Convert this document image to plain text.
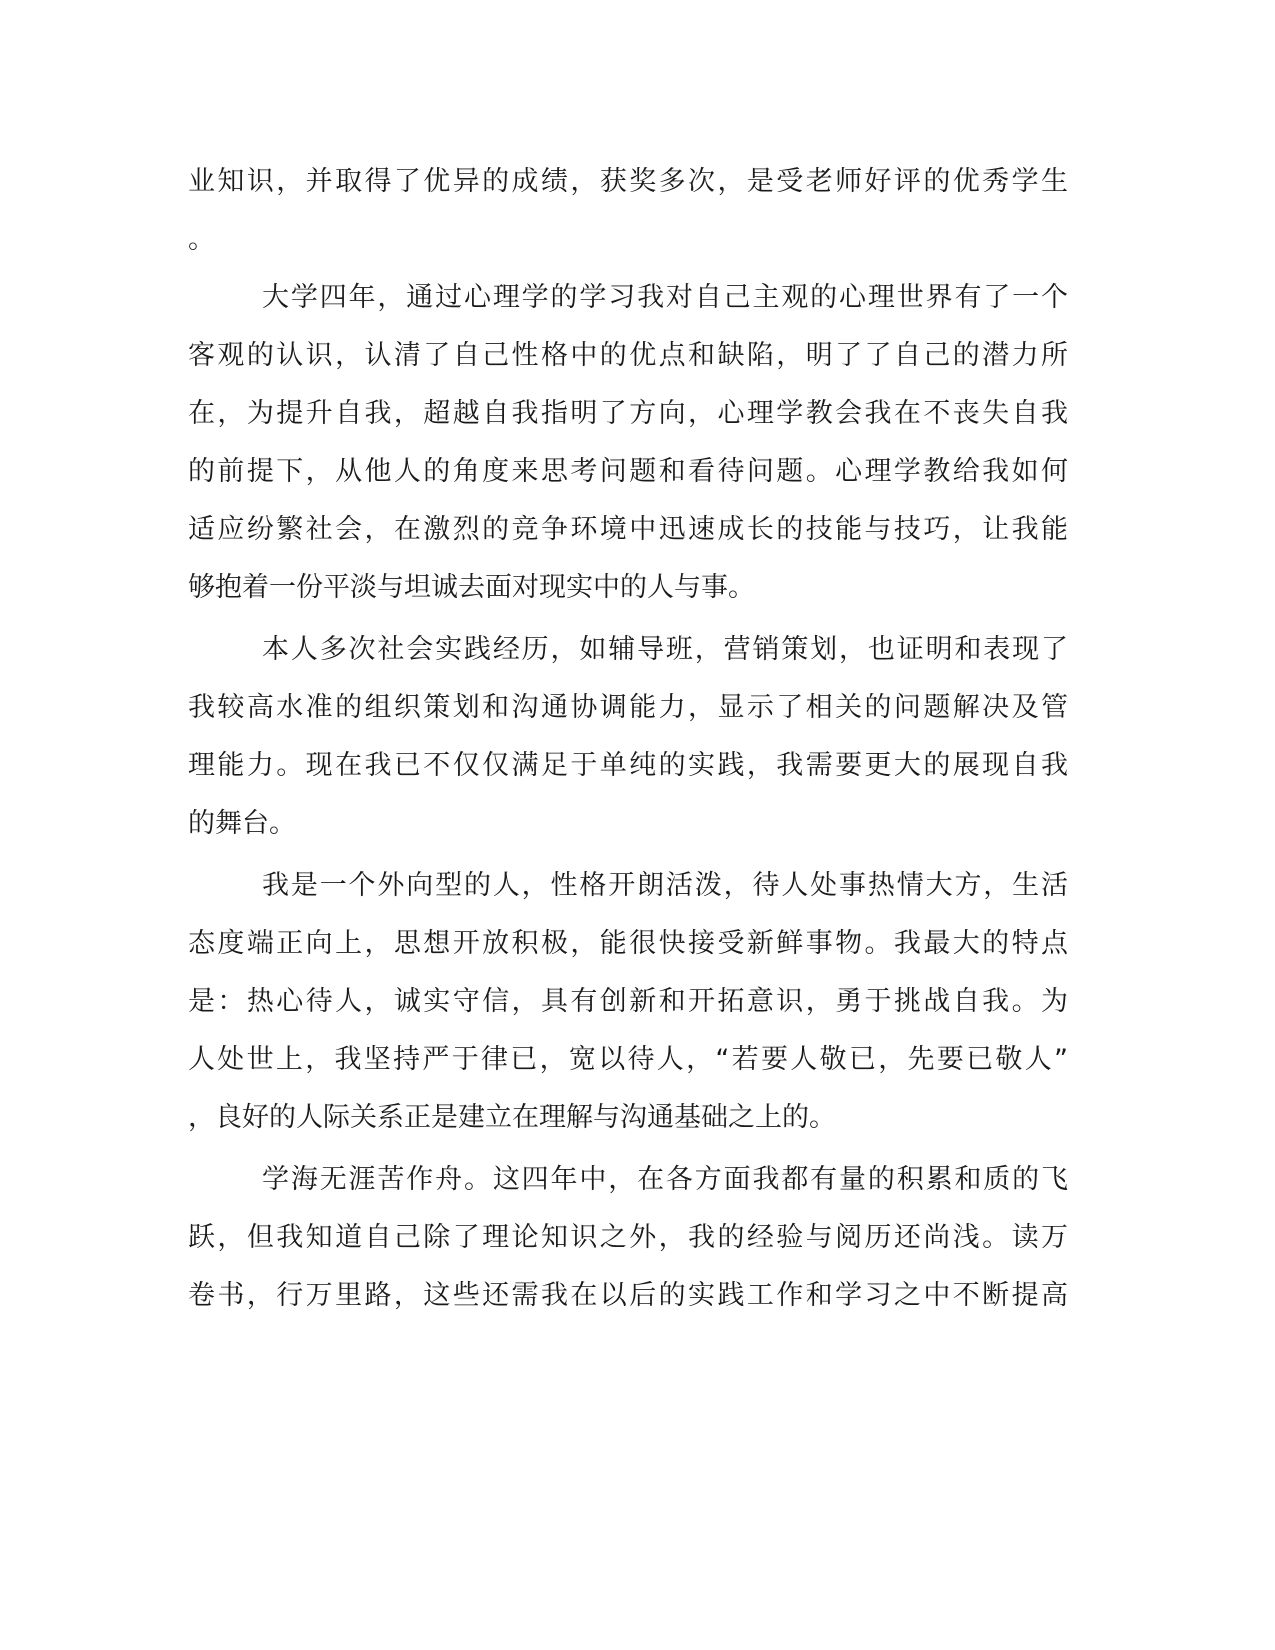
业知识，并取得了优异的成绩，获奖多次，是受老师好评的优秀学生
。
大学四年，通过心理学的学习我对自己主观的心理世界有了一个
客观的认识，认清了自己性格中的优点和缺陷，明了了自己的潜力所
在，为提升自我，超越自我指明了方向，心理学教会我在不丧失自我
的前提下，从他人的角度来思考问题和看待问题。心理学教给我如何
适应纷繁社会，在激烈的竞争环境中迅速成长的技能与技巧，让我能
够抱着一份平淡与坦诚去面对现实中的人与事。
本人多次社会实践经历，如辅导班，营销策划，也证明和表现了
我较高水准的组织策划和沟通协调能力，显示了相关的问题解决及管
理能力。现在我已不仅仅满足于单纯的实践，我需要更大的展现自我
的舞台。
我是一个外向型的人，性格开朗活泼，待人处事热情大方，生活
态度端正向上，思想开放积极，能很快接受新鲜事物。我最大的特点
是：热心待人，诚实守信，具有创新和开拓意识，勇于挑战自我。为
人处世上，我坚持严于律已，宽以待人，“若要人敬已，先要已敬人”
，良好的人际关系正是建立在理解与沟通基础之上的。
学海无涯苦作舟。这四年中，在各方面我都有量的积累和质的飞
跃，但我知道自己除了理论知识之外，我的经验与阅历还尚浅。读万
卷书，行万里路，这些还需我在以后的实践工作和学习之中不断提高
